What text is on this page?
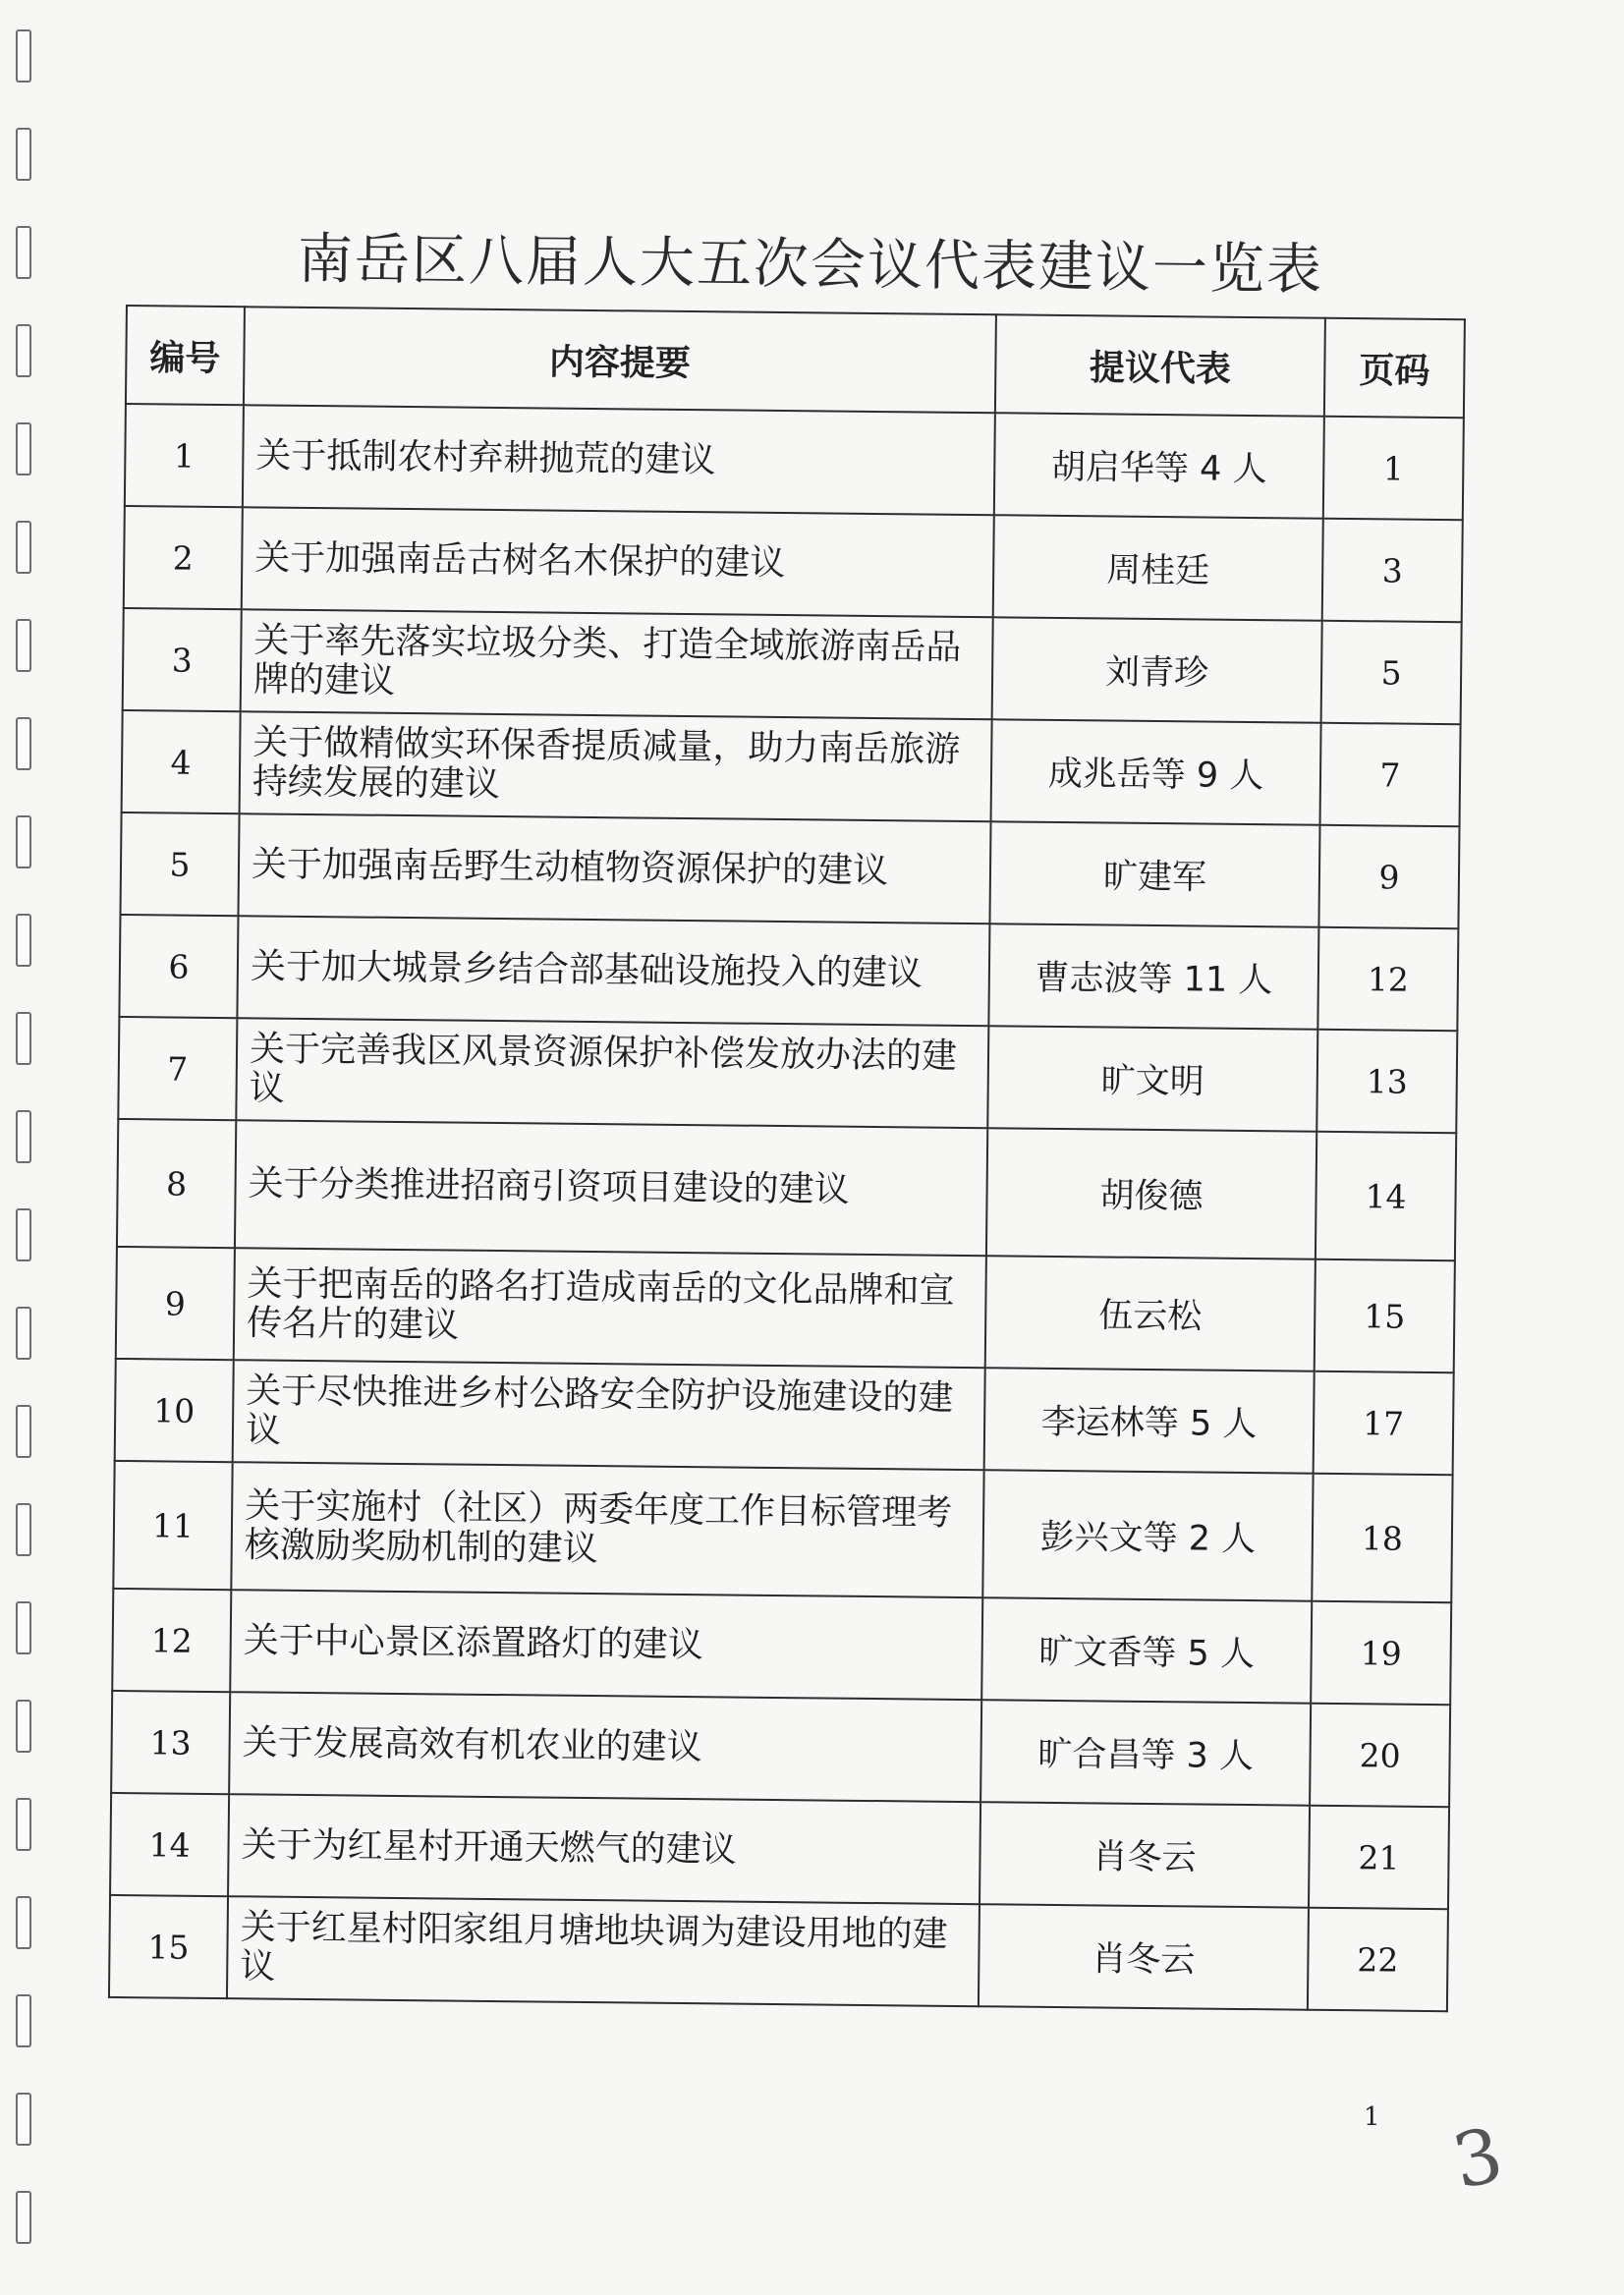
南岳区八届人大五次会议代表建议一览表
编号	内容提要	提议代表	页码
1	关于抵制农村弃耕抛荒的建议	胡启华等 4 人	1
2	关于加强南岳古树名木保护的建议	周桂廷	3
3	关于率先落实垃圾分类、打造全域旅游南岳品牌的建议	刘青珍	5
4	关于做精做实环保香提质减量，助力南岳旅游持续发展的建议	成兆岳等 9 人	7
5	关于加强南岳野生动植物资源保护的建议	旷建军	9
6	关于加大城景乡结合部基础设施投入的建议	曹志波等 11 人	12
7	关于完善我区风景资源保护补偿发放办法的建议	旷文明	13
8	关于分类推进招商引资项目建设的建议	胡俊德	14
9	关于把南岳的路名打造成南岳的文化品牌和宣传名片的建议	伍云松	15
10	关于尽快推进乡村公路安全防护设施建设的建议	李运林等 5 人	17
11	关于实施村（社区）两委年度工作目标管理考核激励奖励机制的建议	彭兴文等 2 人	18
12	关于中心景区添置路灯的建议	旷文香等 5 人	19
13	关于发展高效有机农业的建议	旷合昌等 3 人	20
14	关于为红星村开通天燃气的建议	肖冬云	21
15	关于红星村阳家组月塘地块调为建设用地的建议	肖冬云	22
1 3
